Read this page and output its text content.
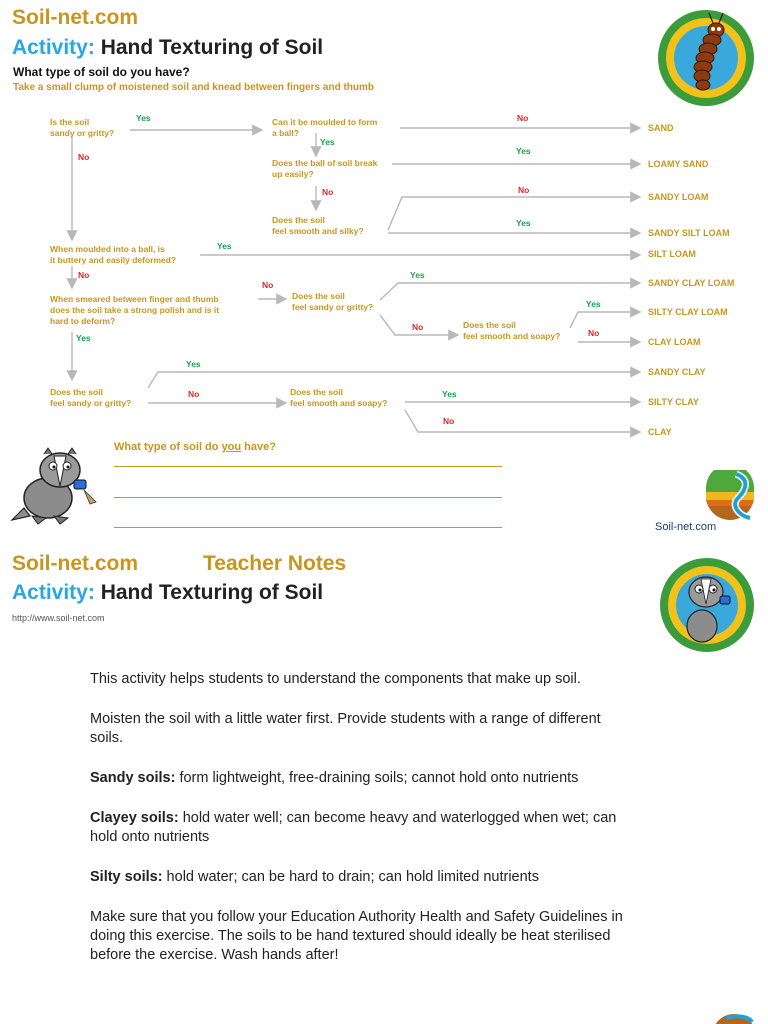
Soil-net.com
Activity: Hand Texturing of Soil
What type of soil do you have?
Take a small clump of moistened soil and knead between fingers and thumb
Is the soil sandy or gritty?
Can it be moulded to form a ball?
Does the ball of soil break up easily?
Does the soil feel smooth and silky?
When moulded into a ball, is it buttery and easily deformed?
When smeared between finger and thumb does the soil take a strong polish and is it hard to deform?
Does the soil feel sandy or gritty?
Does the soil feel smooth and soapy?
Does the soil feel sandy or gritty?
Does the soil feel smooth and soapy?
Yes
No
No
Yes
Yes
No	No
Yes
Yes
No
No
Yes
Yes
No
No
Yes
Yes
No	Yes
No
SAND
LOAMY SAND
SANDY LOAM
SANDY SILT LOAM
SILT LOAM
SANDY CLAY LOAM
SILTY CLAY LOAM
CLAY LOAM
SANDY CLAY
SILTY CLAY
CLAY
What type of soil do you have?
Soil-net.com
Soil-net.com	Teacher Notes
Activity: Hand Texturing of Soil
http://www.soil-net.com

This activity helps students to understand the components that make up soil.

Moisten the soil with a little water first. Provide students with a range of different soils.

Sandy soils: form lightweight, free-draining soils; cannot hold onto nutrients

Clayey soils: hold water well; can become heavy and waterlogged when wet; can hold onto nutrients

Silty soils: hold water; can be hard to drain; can hold limited nutrients

Make sure that you follow your Education Authority Health and Safety Guidelines in doing this exercise. The soils to be hand textured should ideally be heat sterilised before the exercise. Wash hands after!
